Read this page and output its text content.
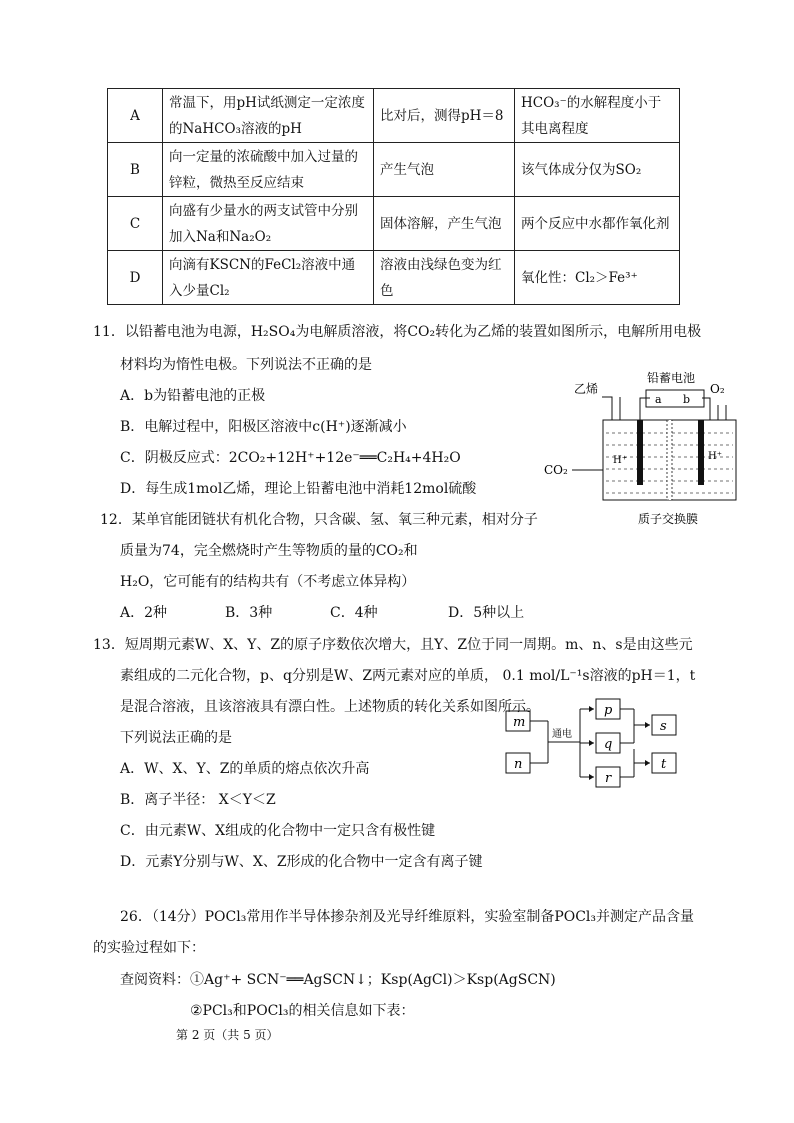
A	常温下，用pH试纸测定一定浓度的NaHCO₃溶液的pH	比对后，测得pH＝8	HCO₃⁻的水解程度小于其电离程度
B	向一定量的浓硫酸中加入过量的锌粒，微热至反应结束	产生气泡	该气体成分仅为SO₂
C	向盛有少量水的两支试管中分别加入Na和Na₂O₂	固体溶解，产生气泡	两个反应中水都作氧化剂
D	向滴有KSCN的FeCl₂溶液中通入少量Cl₂	溶液由浅绿色变为红色	氧化性：Cl₂＞Fe³⁺
11．以铅蓄电池为电源，H₂SO₄为电解质溶液，将CO₂转化为乙烯的装置如图所示，电解所用电极
材料均为惰性电极。下列说法不正确的是
A．b为铅蓄电池的正极
B．电解过程中，阳极区溶液中c(H⁺)逐渐减小
C．阴极反应式：2CO₂+12H⁺+12e⁻══C₂H₄+4H₂O
D．每生成1mol乙烯，理论上铅蓄电池中消耗12mol硫酸
铅蓄电池
a b
乙烯	O₂
CO₂
H⁺	H⁺
质子交换膜
12．某单官能团链状有机化合物，只含碳、氢、氧三种元素，相对分子
质量为74，完全燃烧时产生等物质的量的CO₂和
H₂O，它可能有的结构共有（不考虑立体异构）
A．2种	B．3种	C．4种	D．5种以上
13．短周期元素W、X、Y、Z的原子序数依次增大，且Y、Z位于同一周期。m、n、s是由这些元
素组成的二元化合物，p、q分别是W、Z两元素对应的单质， 0.1 mol/L⁻¹s溶液的pH＝1，t
是混合溶液，且该溶液具有漂白性。上述物质的转化关系如图所示。
下列说法正确的是
A．W、X、Y、Z的单质的熔点依次升高
B．离子半径： X＜Y＜Z
C．由元素W、X组成的化合物中一定只含有极性键
D．元素Y分别与W、X、Z形成的化合物中一定含有离子键
通电
m
n
p
q
r
s
t
26．（14分）POCl₃常用作半导体掺杂剂及光导纤维原料，实验室制备POCl₃并测定产品含量
的实验过程如下：
查阅资料：①Ag⁺+ SCN⁻══AgSCN↓；Ksp(AgCl)＞Ksp(AgSCN)
②PCl₃和POCl₃的相关信息如下表：
第 2 页（共 5 页）
